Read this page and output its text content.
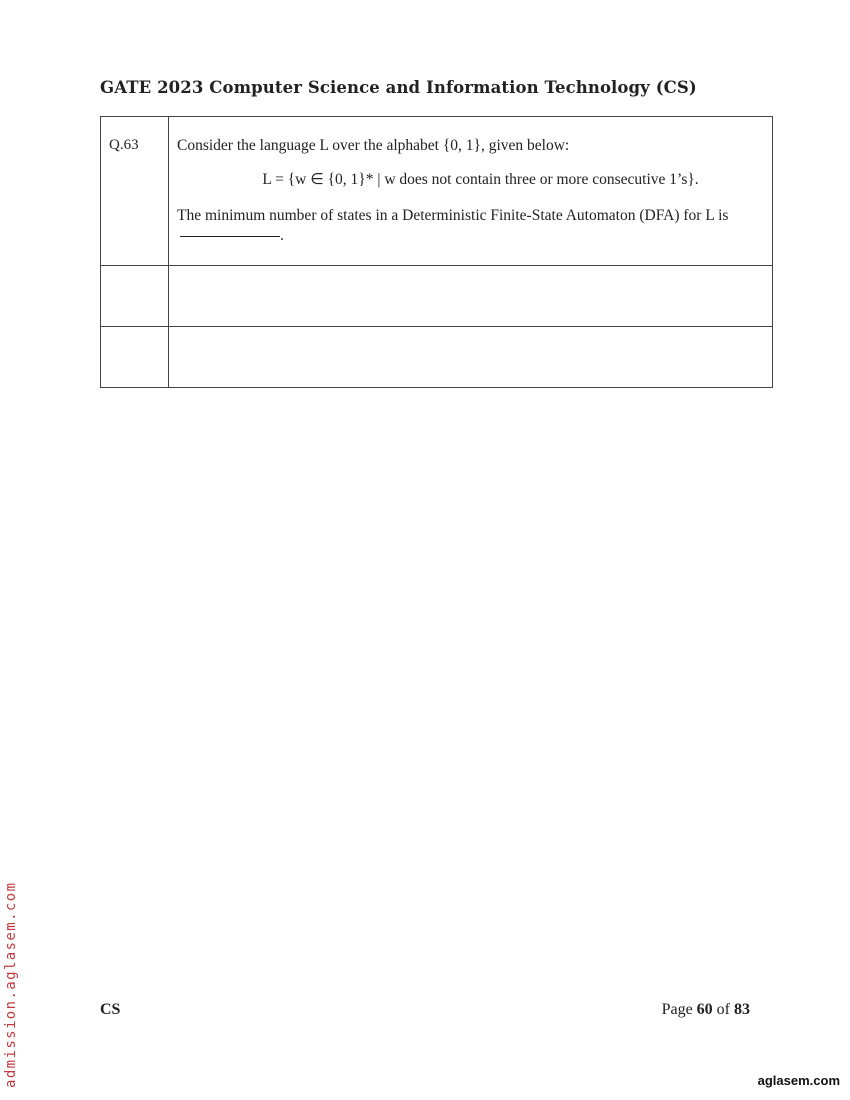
GATE 2023 Computer Science and Information Technology (CS)
Q.63	Consider the language L over the alphabet {0, 1}, given below:

L = {w ∈ {0, 1}* | w does not contain three or more consecutive 1’s}.

The minimum number of states in a Deterministic Finite-State Automaton (DFA) for L is.

CS	Page 60 of 83
admission.aglasem.com	aglasem.com
